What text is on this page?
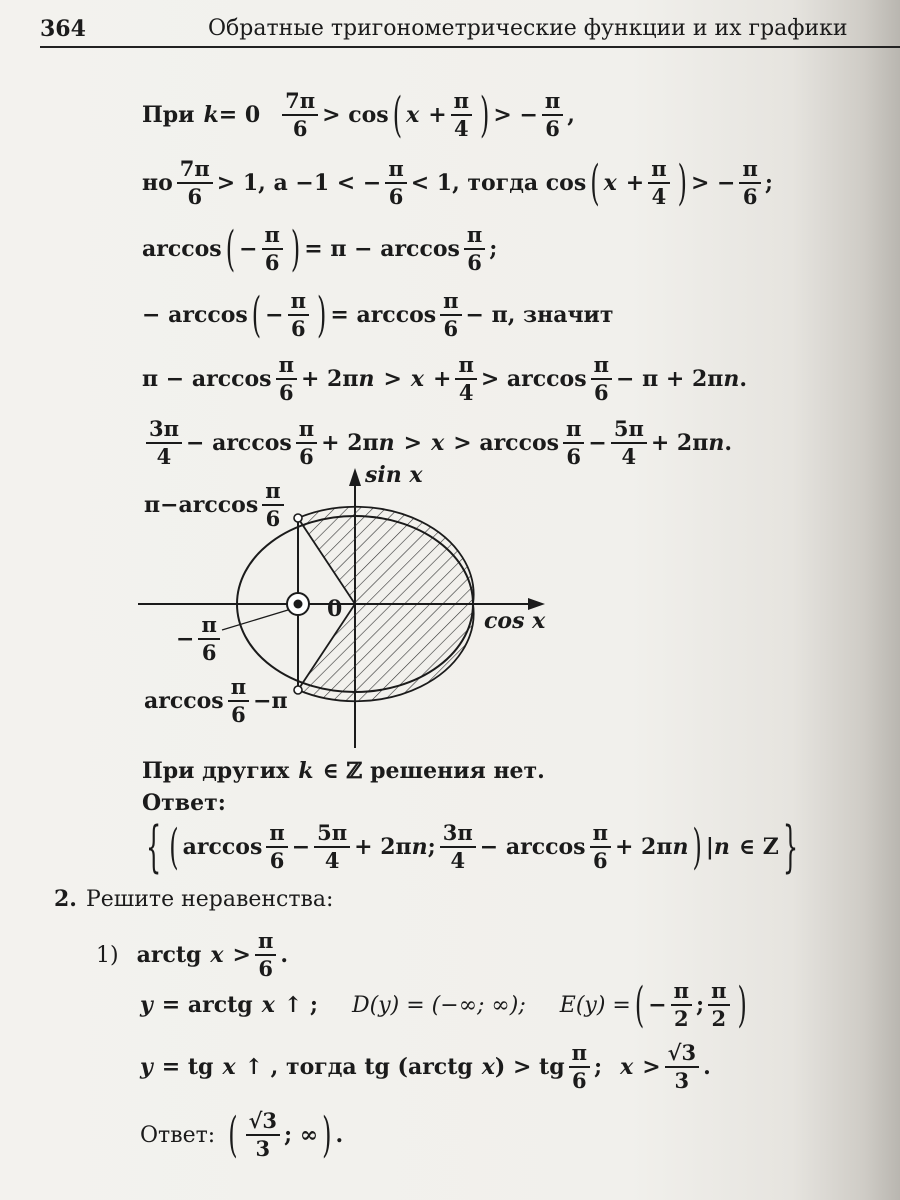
364	Обратные тригонометрические функции и их графики
При k = 0
7π
6
> cos ( $x + \frac{\pi}{4}$ ) > − $\frac{\pi}{6}$ ,
но
7π
6
> 1, а −1 < − $\frac{\pi}{6} < 1$, тогда cos ( $x + \frac{\pi}{4}$ ) > − $\frac{\pi}{6}$ ;
arccos ( − $\frac{\pi}{6}$ ) = π − arccos
π
6
;
− arccos ( − $\frac{\pi}{6}$ ) = arccos
π
6
− π, значит
π − arccos
π
6
+ 2π $n > x + \frac{\pi}{4} > \arccos$
π
6
− π + 2π n .
3π
4
− arccos
π
6
+ 2π n > x > arccos
π
6
− $\frac{5\pi}{4} + 2\pi$ n .
sin x
cos x
0
π−arccos
π
6
− $\frac{\pi}{6}$
arccos
π
6
−π
При других k ∈ ℤ решения нет.
Ответ:
{ ( arccos
π
6
− $\frac{5\pi}{4} + 2\pi$ n ;
3π
4
− arccos
π
6
+ 2π n ) | n ∈ Z }
2. Решите неравенства:
1) arctg x >
π
6
.
y = arctg x ↑ ; D(y) = (−∞; ∞); E(y) = ( − $\frac{\pi}{2}$ ;
π
2 )
y = tg x ↑ , тогда tg (arctg x ) > tg
π
6
; x >
√3
3
.
Ответ: ( √3
3
; ∞ ) .
